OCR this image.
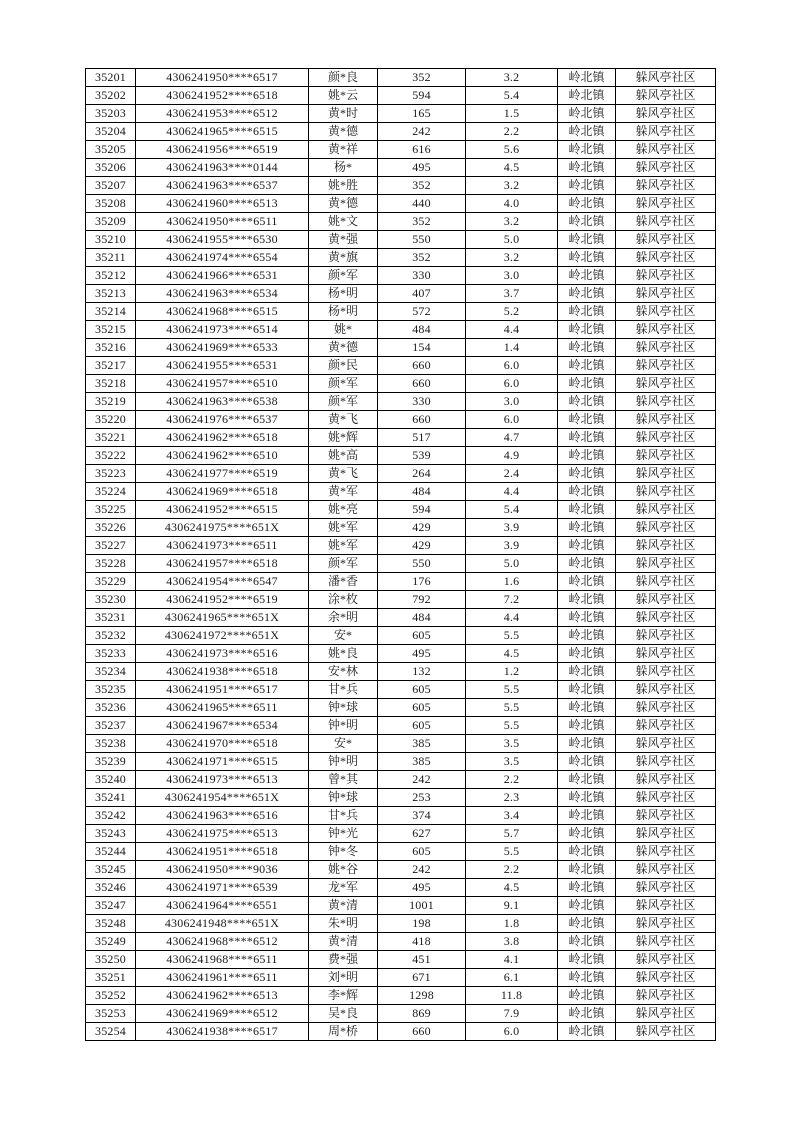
35201	4306241950****6517	颜*良	352	3.2	岭北镇	躲风亭社区
35202	4306241952****6518	姚*云	594	5.4	岭北镇	躲风亭社区
35203	4306241953****6512	黄*时	165	1.5	岭北镇	躲风亭社区
35204	4306241965****6515	黄*德	242	2.2	岭北镇	躲风亭社区
35205	4306241956****6519	黄*祥	616	5.6	岭北镇	躲风亭社区
35206	4306241963****0144	杨*	495	4.5	岭北镇	躲风亭社区
35207	4306241963****6537	姚*胜	352	3.2	岭北镇	躲风亭社区
35208	4306241960****6513	黄*德	440	4.0	岭北镇	躲风亭社区
35209	4306241950****6511	姚*文	352	3.2	岭北镇	躲风亭社区
35210	4306241955****6530	黄*强	550	5.0	岭北镇	躲风亭社区
35211	4306241974****6554	黄*旗	352	3.2	岭北镇	躲风亭社区
35212	4306241966****6531	颜*军	330	3.0	岭北镇	躲风亭社区
35213	4306241963****6534	杨*明	407	3.7	岭北镇	躲风亭社区
35214	4306241968****6515	杨*明	572	5.2	岭北镇	躲风亭社区
35215	4306241973****6514	姚*	484	4.4	岭北镇	躲风亭社区
35216	4306241969****6533	黄*德	154	1.4	岭北镇	躲风亭社区
35217	4306241955****6531	颜*民	660	6.0	岭北镇	躲风亭社区
35218	4306241957****6510	颜*军	660	6.0	岭北镇	躲风亭社区
35219	4306241963****6538	颜*军	330	3.0	岭北镇	躲风亭社区
35220	4306241976****6537	黄*飞	660	6.0	岭北镇	躲风亭社区
35221	4306241962****6518	姚*辉	517	4.7	岭北镇	躲风亭社区
35222	4306241962****6510	姚*高	539	4.9	岭北镇	躲风亭社区
35223	4306241977****6519	黄*飞	264	2.4	岭北镇	躲风亭社区
35224	4306241969****6518	黄*军	484	4.4	岭北镇	躲风亭社区
35225	4306241952****6515	姚*亮	594	5.4	岭北镇	躲风亭社区
35226	4306241975****651X	姚*军	429	3.9	岭北镇	躲风亭社区
35227	4306241973****6511	姚*军	429	3.9	岭北镇	躲风亭社区
35228	4306241957****6518	颜*军	550	5.0	岭北镇	躲风亭社区
35229	4306241954****6547	潘*香	176	1.6	岭北镇	躲风亭社区
35230	4306241952****6519	涂*枚	792	7.2	岭北镇	躲风亭社区
35231	4306241965****651X	余*明	484	4.4	岭北镇	躲风亭社区
35232	4306241972****651X	安*	605	5.5	岭北镇	躲风亭社区
35233	4306241973****6516	姚*良	495	4.5	岭北镇	躲风亭社区
35234	4306241938****6518	安*林	132	1.2	岭北镇	躲风亭社区
35235	4306241951****6517	甘*兵	605	5.5	岭北镇	躲风亭社区
35236	4306241965****6511	钟*球	605	5.5	岭北镇	躲风亭社区
35237	4306241967****6534	钟*明	605	5.5	岭北镇	躲风亭社区
35238	4306241970****6518	安*	385	3.5	岭北镇	躲风亭社区
35239	4306241971****6515	钟*明	385	3.5	岭北镇	躲风亭社区
35240	4306241973****6513	曾*其	242	2.2	岭北镇	躲风亭社区
35241	4306241954****651X	钟*球	253	2.3	岭北镇	躲风亭社区
35242	4306241963****6516	甘*兵	374	3.4	岭北镇	躲风亭社区
35243	4306241975****6513	钟*光	627	5.7	岭北镇	躲风亭社区
35244	4306241951****6518	钟*冬	605	5.5	岭北镇	躲风亭社区
35245	4306241950****9036	姚*谷	242	2.2	岭北镇	躲风亭社区
35246	4306241971****6539	龙*军	495	4.5	岭北镇	躲风亭社区
35247	4306241964****6551	黄*清	1001	9.1	岭北镇	躲风亭社区
35248	4306241948****651X	朱*明	198	1.8	岭北镇	躲风亭社区
35249	4306241968****6512	黄*清	418	3.8	岭北镇	躲风亭社区
35250	4306241968****6511	费*强	451	4.1	岭北镇	躲风亭社区
35251	4306241961****6511	刘*明	671	6.1	岭北镇	躲风亭社区
35252	4306241962****6513	李*辉	1298	11.8	岭北镇	躲风亭社区
35253	4306241969****6512	吴*良	869	7.9	岭北镇	躲风亭社区
35254	4306241938****6517	周*桥	660	6.0	岭北镇	躲风亭社区
